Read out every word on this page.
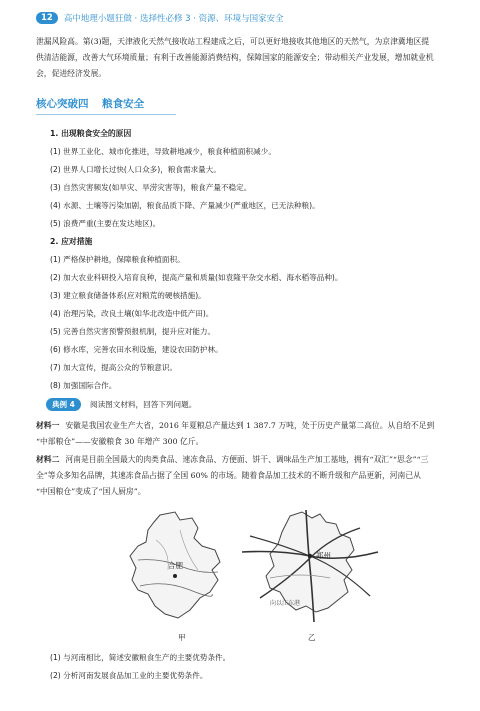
12	高中地理小题狂做 · 选择性必修 3 · 资源、环境与国家安全

泄漏风险高。第(3)题，天津液化天然气接收站工程建成之后，可以更好地接收其他地区的天然气，为京津冀地区提

供清洁能源，改善大气环境质量；有利于改善能源消费结构，保障国家的能源安全；带动相关产业发展，增加就业机

会，促进经济发展。

核心突破四 粮食安全
1. 出现粮食安全的原因
(1) 世界工业化、城市化推进，导致耕地减少，粮食种植面积减少。
(2) 世界人口增长过快(人口众多)，粮食需求量大。
(3) 自然灾害频发(如旱灾、旱涝灾害等)，粮食产量不稳定。
(4) 水源、土壤等污染加剧，粮食品质下降、产量减少(严重地区，已无法种粮)。
(5) 浪费严重(主要在发达地区)。
2. 应对措施
(1) 严格保护耕地，保障粮食种植面积。
(2) 加大农业科研投入培育良种，提高产量和质量(如袁隆平杂交水稻、海水稻等品种)。
(3) 建立粮食储备体系(应对粮荒的硬核措施)。
(4) 治理污染，改良土壤(如华北改造中低产田)。
(5) 完善自然灾害预警预报机制，提升应对能力。
(6) 修水库，完善农田水利设施，建设农田防护林。
(7) 加大宣传，提高公众的节粮意识。
(8) 加强国际合作。
典例 4	阅读图文材料，回答下列问题。
材料一 安徽是我国农业生产大省，2016 年夏粮总产量达到 1 387.7 万吨，处于历史产量第二高位。从自给不足到

“中部粮仓”——安徽粮食 30 年增产 300 亿斤。

材料二 河南是目前全国最大的肉类食品、速冻食品、方便面、饼干、调味品生产加工基地，拥有“双汇”“思念”“三

全”等众多知名品牌，其速冻食品占据了全国 60% 的市场。随着食品加工技术的不断升级和产品更新，河南已从

“中国粮仓”变成了“国人厨房”。

合肥
甲
郑州
向以江东港
乙
(1) 与河南相比，简述安徽粮食生产的主要优势条件。
(2) 分析河南发展食品加工业的主要优势条件。
